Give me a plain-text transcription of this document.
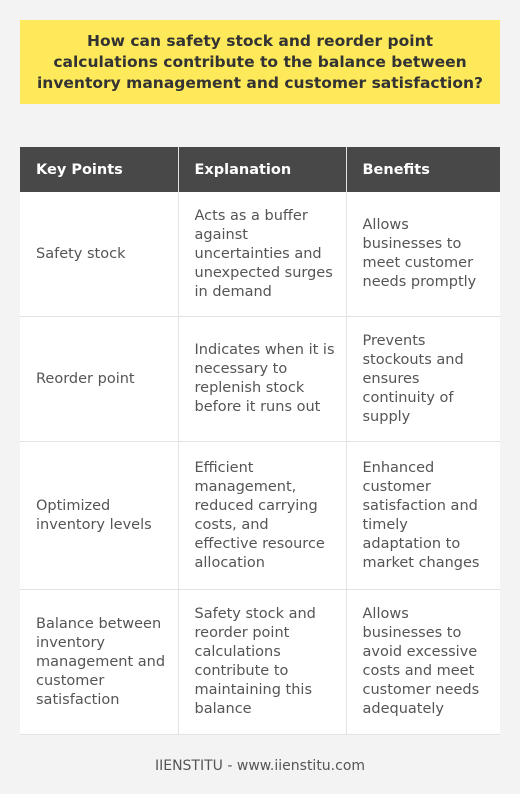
How can safety stock and reorder point calculations contribute to the balance between inventory management and customer satisfaction?
Key Points	Explanation	Benefits
Safety stock	Acts as a buffer against uncertainties and unexpected surges in demand	Allows businesses to meet customer needs promptly
Reorder point	Indicates when it is necessary to replenish stock before it runs out	Prevents stockouts and ensures continuity of supply
Optimized inventory levels	Efficient management, reduced carrying costs, and effective resource allocation	Enhanced customer satisfaction and timely adaptation to market changes
Balance between inventory management and customer satisfaction	Safety stock and reorder point calculations contribute to maintaining this balance	Allows businesses to avoid excessive costs and meet customer needs adequately
IIENSTITU - www.iienstitu.com
